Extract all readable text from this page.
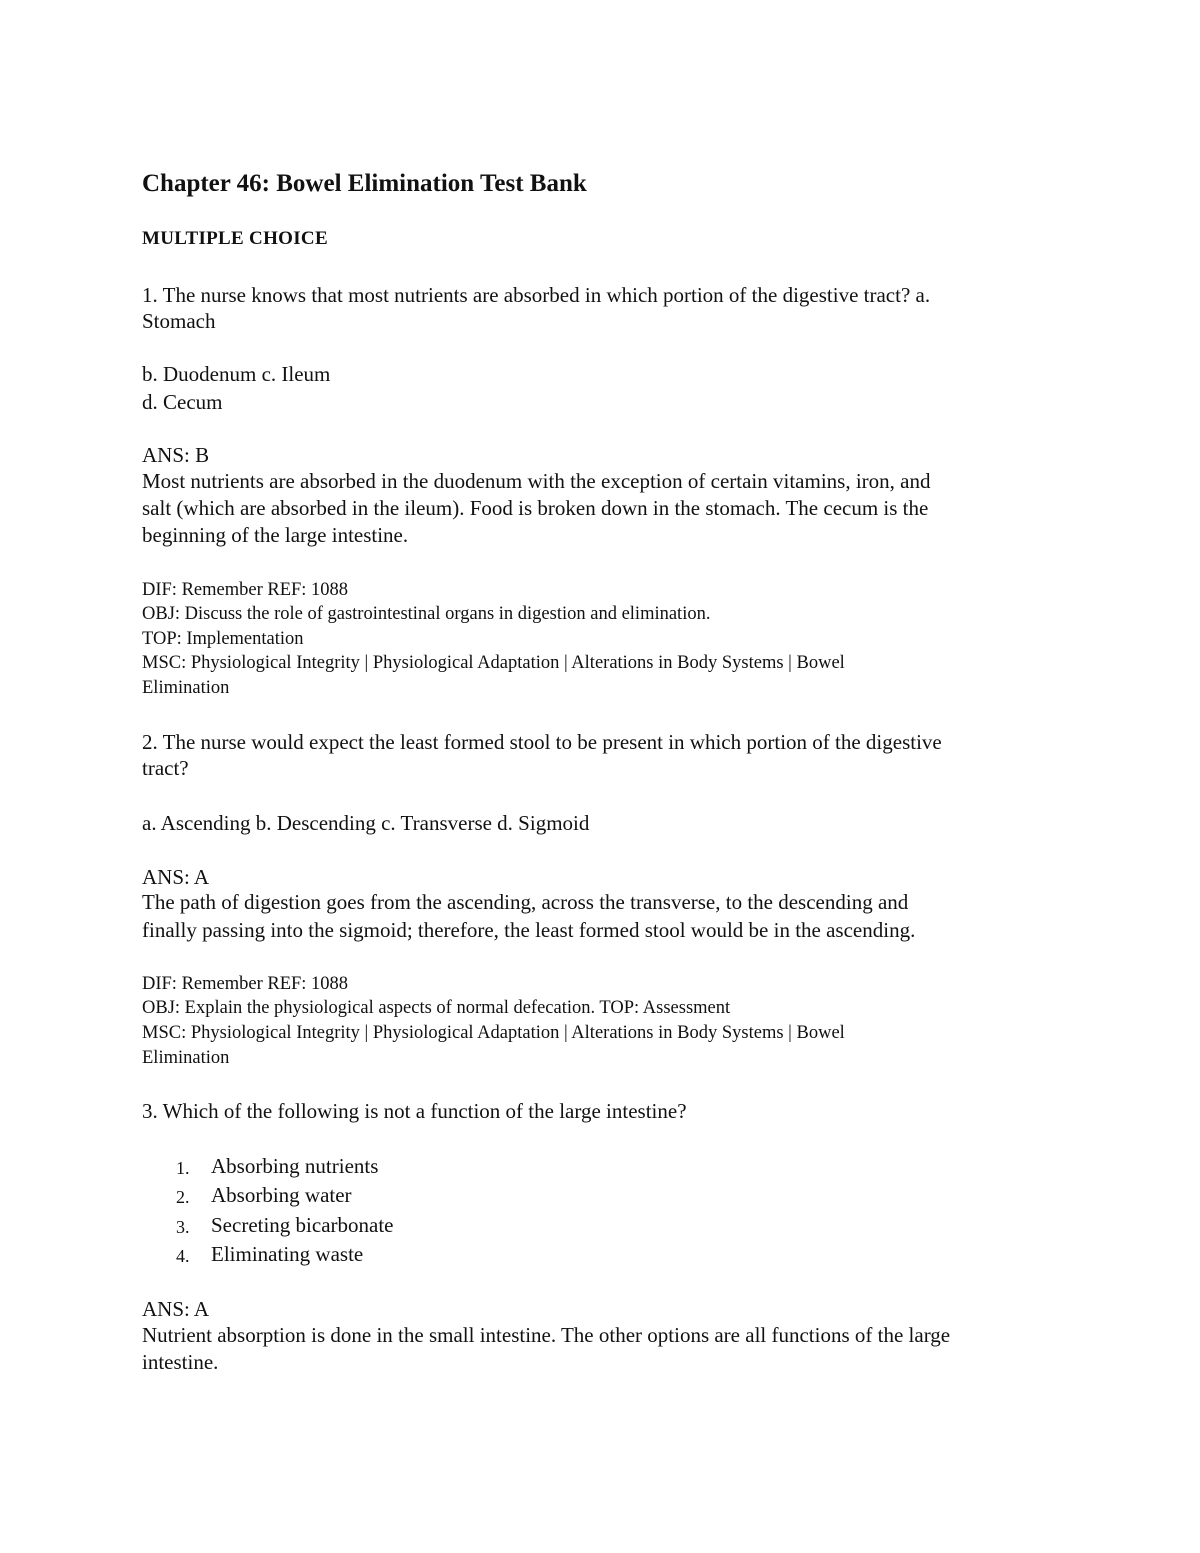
Chapter 46: Bowel Elimination Test Bank
MULTIPLE CHOICE
1. The nurse knows that most nutrients are absorbed in which portion of the digestive tract? a.
Stomach
b. Duodenum c. Ileum
d. Cecum
ANS: B
Most nutrients are absorbed in the duodenum with the exception of certain vitamins, iron, and
salt (which are absorbed in the ileum). Food is broken down in the stomach. The cecum is the
beginning of the large intestine.
DIF: Remember REF: 1088
OBJ: Discuss the role of gastrointestinal organs in digestion and elimination.
TOP: Implementation
MSC: Physiological Integrity | Physiological Adaptation | Alterations in Body Systems | Bowel
Elimination
2. The nurse would expect the least formed stool to be present in which portion of the digestive
tract?
a. Ascending b. Descending c. Transverse d. Sigmoid
ANS: A
The path of digestion goes from the ascending, across the transverse, to the descending and
finally passing into the sigmoid; therefore, the least formed stool would be in the ascending.
DIF: Remember REF: 1088
OBJ: Explain the physiological aspects of normal defecation. TOP: Assessment
MSC: Physiological Integrity | Physiological Adaptation | Alterations in Body Systems | Bowel
Elimination
3. Which of the following is not a function of the large intestine?
1. Absorbing nutrients
2. Absorbing water
3. Secreting bicarbonate
4. Eliminating waste
ANS: A
Nutrient absorption is done in the small intestine. The other options are all functions of the large
intestine.
